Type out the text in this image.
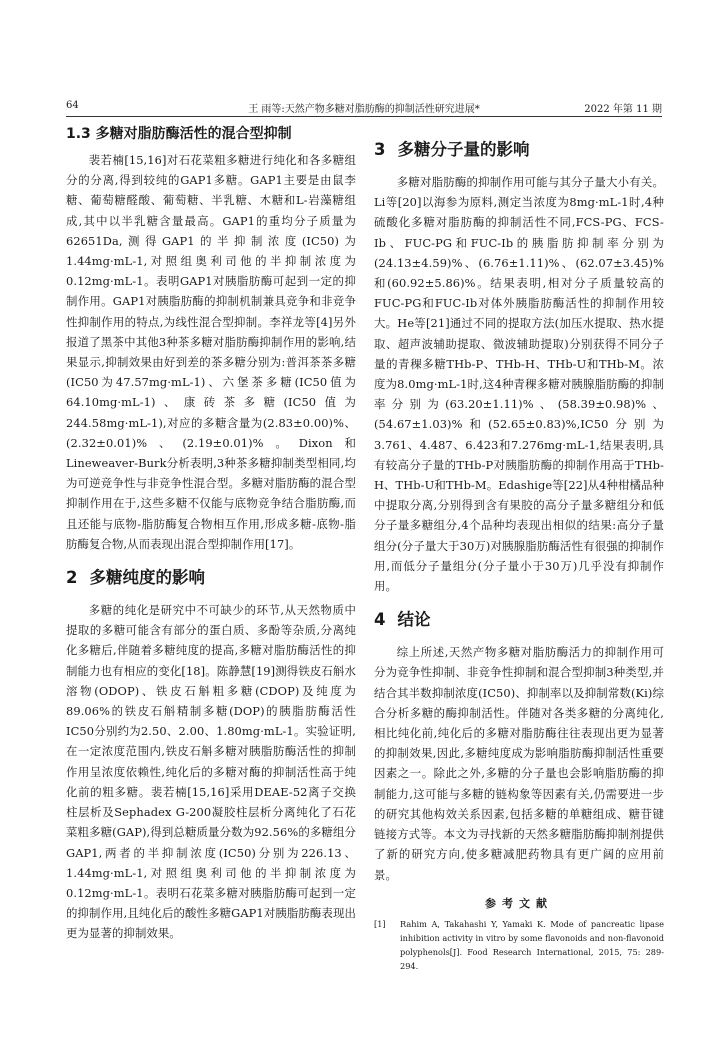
64	王 雨等:天然产物多糖对脂肪酶的抑制活性研究进展*	2022 年第 11 期
1.3 多糖对脂肪酶活性的混合型抑制

裴若楠[15,16]对石花菜粗多糖进行纯化和各多糖组分的分离,得到较纯的GAP1多糖。GAP1主要是由鼠李糖、葡萄糖醛酸、葡萄糖、半乳糖、木糖和L-岩藻糖组成,其中以半乳糖含量最高。GAP1的重均分子质量为62651Da,测得GAP1的半抑制浓度(IC50)为1.44mg·mL-1,对照组奥利司他的半抑制浓度为0.12mg·mL-1。表明GAP1对胰脂肪酶可起到一定的抑制作用。GAP1对胰脂肪酶的抑制机制兼具竞争和非竞争性抑制作用的特点,为线性混合型抑制。李祥龙等[4]另外报道了黑茶中其他3种茶多糖对脂肪酶抑制作用的影响,结果显示,抑制效果由好到差的茶多糖分别为:普洱茶茶多糖(IC50为47.57mg·mL-1)、六堡茶多糖(IC50值为64.10mg·mL-1)、康砖茶多糖(IC50值为244.58mg·mL-1),对应的多糖含量为(2.83±0.00)%、(2.32±0.01)%、(2.19±0.01)%。Dixon和Lineweaver-Burk分析表明,3种茶多糖抑制类型相同,均为可逆竞争性与非竞争性混合型。多糖对脂肪酶的混合型抑制作用在于,这些多糖不仅能与底物竞争结合脂肪酶,而且还能与底物-脂肪酶复合物相互作用,形成多糖-底物-脂肪酶复合物,从而表现出混合型抑制作用[17]。

2 多糖纯度的影响

多糖的纯化是研究中不可缺少的环节,从天然物质中提取的多糖可能含有部分的蛋白质、多酚等杂质,分离纯化多糖后,伴随着多糖纯度的提高,多糖对脂肪酶活性的抑制能力也有相应的变化[18]。陈静慧[19]测得铁皮石斛水溶物(ODOP)、铁皮石斛粗多糖(CDOP)及纯度为89.06%的铁皮石斛精制多糖(DOP)的胰脂肪酶活性IC50分别约为2.50、2.00、1.80mg·mL-1。实验证明,在一定浓度范围内,铁皮石斛多糖对胰脂肪酶活性的抑制作用呈浓度依赖性,纯化后的多糖对酶的抑制活性高于纯化前的粗多糖。裴若楠[15,16]采用DEAE-52离子交换柱层析及Sephadex G-200凝胶柱层析分离纯化了石花菜粗多糖(GAP),得到总糖质量分数为92.56%的多糖组分GAP1,两者的半抑制浓度(IC50)分别为226.13、1.44mg·mL-1,对照组奥利司他的半抑制浓度为0.12mg·mL-1。表明石花菜多糖对胰脂肪酶可起到一定的抑制作用,且纯化后的酸性多糖GAP1对胰脂肪酶表现出更为显著的抑制效果。

3 多糖分子量的影响

多糖对脂肪酶的抑制作用可能与其分子量大小有关。Li等[20]以海参为原料,测定当浓度为8mg·mL-1时,4种硫酸化多糖对脂肪酶的抑制活性不同,FCS-PG、FCS-Ib、FUC-PG和FUC-Ib的胰脂肪抑制率分别为(24.13±4.59)%、(6.76±1.11)%、(62.07±3.45)%和(60.92±5.86)%。结果表明,相对分子质量较高的FUC-PG和FUC-Ib对体外胰脂肪酶活性的抑制作用较大。He等[21]通过不同的提取方法(加压水提取、热水提取、超声波辅助提取、微波辅助提取)分别获得不同分子量的青稞多糖THb-P、THb-H、THb-U和THb-M。浓度为8.0mg·mL-1时,这4种青稞多糖对胰腺脂肪酶的抑制率分别为(63.20±1.11)%、(58.39±0.98)%、(54.67±1.03)%和(52.65±0.83)%,IC50分别为3.761、4.487、6.423和7.276mg·mL-1,结果表明,具有较高分子量的THb-P对胰脂肪酶的抑制作用高于THb-H、THb-U和THb-M。Edashige等[22]从4种柑橘品种中提取分离,分别得到含有果胶的高分子量多糖组分和低分子量多糖组分,4个品种均表现出相似的结果:高分子量组分(分子量大于30万)对胰腺脂肪酶活性有很强的抑制作用,而低分子量组分(分子量小于30万)几乎没有抑制作用。

4 结论

综上所述,天然产物多糖对脂肪酶活力的抑制作用可分为竞争性抑制、非竞争性抑制和混合型抑制3种类型,并结合其半数抑制浓度(IC50)、抑制率以及抑制常数(Ki)综合分析多糖的酶抑制活性。伴随对各类多糖的分离纯化,相比纯化前,纯化后的多糖对脂肪酶往往表现出更为显著的抑制效果,因此,多糖纯度成为影响脂肪酶抑制活性重要因素之一。除此之外,多糖的分子量也会影响脂肪酶的抑制能力,这可能与多糖的链构象等因素有关,仍需要进一步的研究其他构效关系因素,包括多糖的单糖组成、糖苷键链接方式等。本文为寻找新的天然多糖脂肪酶抑制剂提供了新的研究方向,使多糖减肥药物具有更广阔的应用前景。

参考文献
[1]	Rahim A, Takahashi Y, Yamaki K. Mode of pancreatic lipase inhibition activity in vitro by some flavonoids and non-flavonoid polyphenols[J]. Food Research International, 2015, 75: 289-294.
